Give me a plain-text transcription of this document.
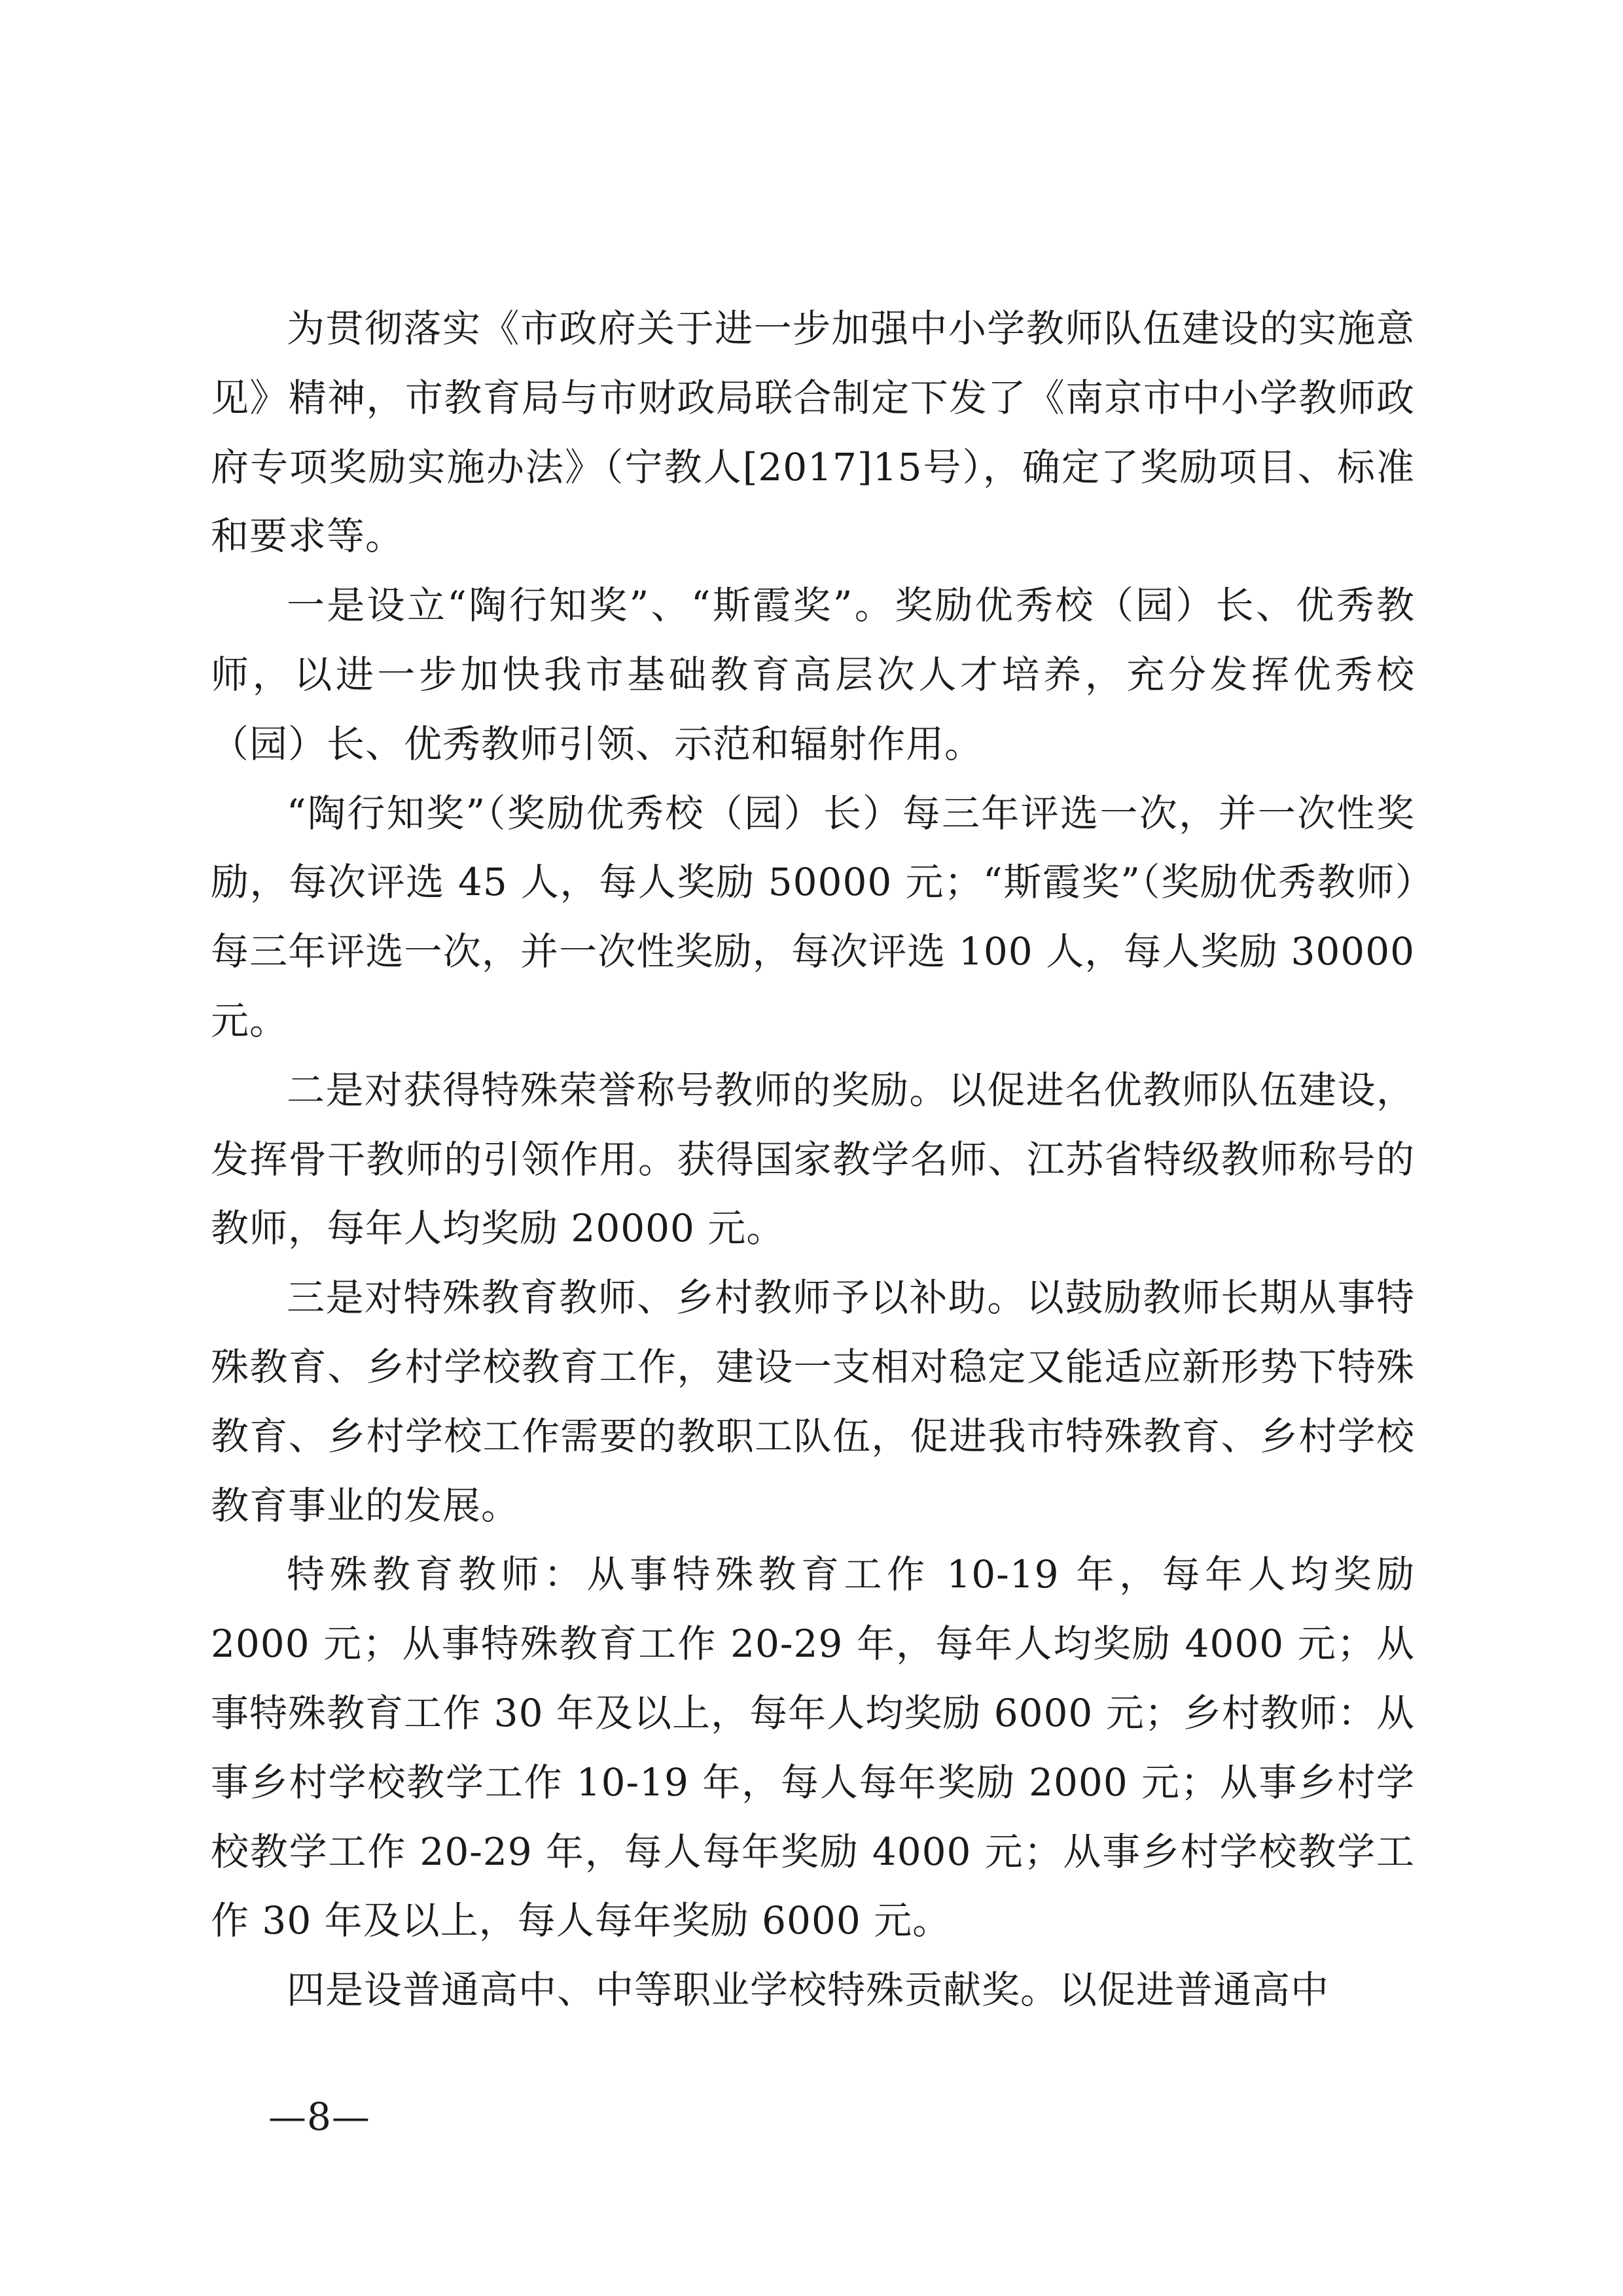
为贯彻落实《市政府关于进一步加强中小学教师队伍建设的实施意见》精神，市教育局与市财政局联合制定下发了《南京市中小学教师政府专项奖励实施办法》（宁教人[2017]15号），确定了奖励项目、标准和要求等。

一是设立“陶行知奖”、“斯霞奖”。奖励优秀校（园）长、优秀教师，以进一步加快我市基础教育高层次人才培养，充分发挥优秀校（园）长、优秀教师引领、示范和辐射作用。

“陶行知奖”（奖励优秀校（园）长）每三年评选一次，并一次性奖励，每次评选 45 人，每人奖励 50000 元；“斯霞奖”（奖励优秀教师）每三年评选一次，并一次性奖励，每次评选 100 人，每人奖励 30000 元。

二是对获得特殊荣誉称号教师的奖励。以促进名优教师队伍建设，发挥骨干教师的引领作用。获得国家教学名师、江苏省特级教师称号的教师，每年人均奖励 20000 元。

三是对特殊教育教师、乡村教师予以补助。以鼓励教师长期从事特殊教育、乡村学校教育工作，建设一支相对稳定又能适应新形势下特殊教育、乡村学校工作需要的教职工队伍，促进我市特殊教育、乡村学校教育事业的发展。

特殊教育教师：从事特殊教育工作 10-19 年，每年人均奖励 2000 元；从事特殊教育工作 20-29 年，每年人均奖励 4000 元；从事特殊教育工作 30 年及以上，每年人均奖励 6000 元；乡村教师：从事乡村学校教学工作 10-19 年，每人每年奖励 2000 元；从事乡村学校教学工作 20-29 年，每人每年奖励 4000 元；从事乡村学校教学工作 30 年及以上，每人每年奖励 6000 元。

四是设普通高中、中等职业学校特殊贡献奖。以促进普通高中

—8—
